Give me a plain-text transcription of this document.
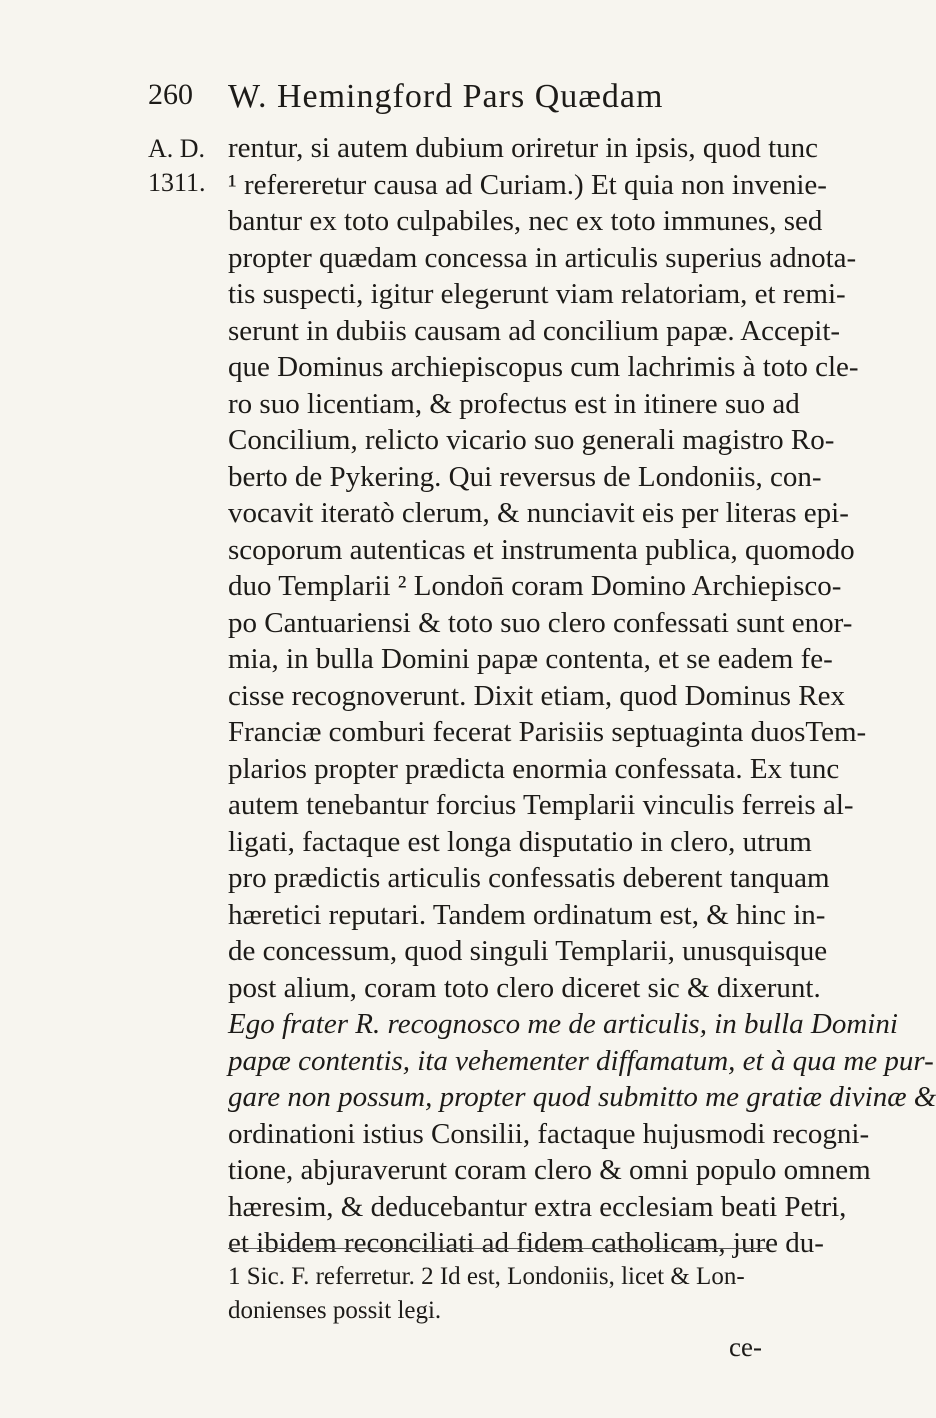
260 W. Hemingford Pars Quædam
A. D.
1311.
rentur, si autem dubium oriretur in ipsis, quod tunc
¹ refereretur causa ad Curiam.) Et quia non invenie-
bantur ex toto culpabiles, nec ex toto immunes, sed
propter quædam concessa in articulis superius adnota-
tis suspecti, igitur elegerunt viam relatoriam, et remi-
serunt in dubiis causam ad concilium papæ. Accepit-
que Dominus archiepiscopus cum lachrimis à toto cle-
ro suo licentiam, & profectus est in itinere suo ad
Concilium, relicto vicario suo generali magistro Ro-
berto de Pykering. Qui reversus de Londoniis, con-
vocavit iteratò clerum, & nunciavit eis per literas epi-
scoporum autenticas et instrumenta publica, quomodo
duo Templarii ² London̄ coram Domino Archiepisco-
po Cantuariensi & toto suo clero confessati sunt enor-
mia, in bulla Domini papæ contenta, et se eadem fe-
cisse recognoverunt. Dixit etiam, quod Dominus Rex
Franciæ comburi fecerat Parisiis septuaginta duosTem-
plarios propter prædicta enormia confessata. Ex tunc
autem tenebantur forcius Templarii vinculis ferreis al-
ligati, factaque est longa disputatio in clero, utrum
pro prædictis articulis confessatis deberent tanquam
hæretici reputari. Tandem ordinatum est, & hinc in-
de concessum, quod singuli Templarii, unusquisque
post alium, coram toto clero diceret sic & dixerunt.
Ego frater R. recognosco me de articulis, in bulla Domini
papæ contentis, ita vehementer diffamatum, et à qua me pur-
gare non possum, propter quod submitto me gratiæ divinæ &
ordinationi istius Consilii, factaque hujusmodi recogni-
tione, abjuraverunt coram clero & omni populo omnem
hæresim, & deducebantur extra ecclesiam beati Petri,
et ibidem reconciliati ad fidem catholicam, jure du-
1 Sic. F. referretur. 2 Id est, Londoniis, licet & Lon-
donienses possit legi.
ce-
